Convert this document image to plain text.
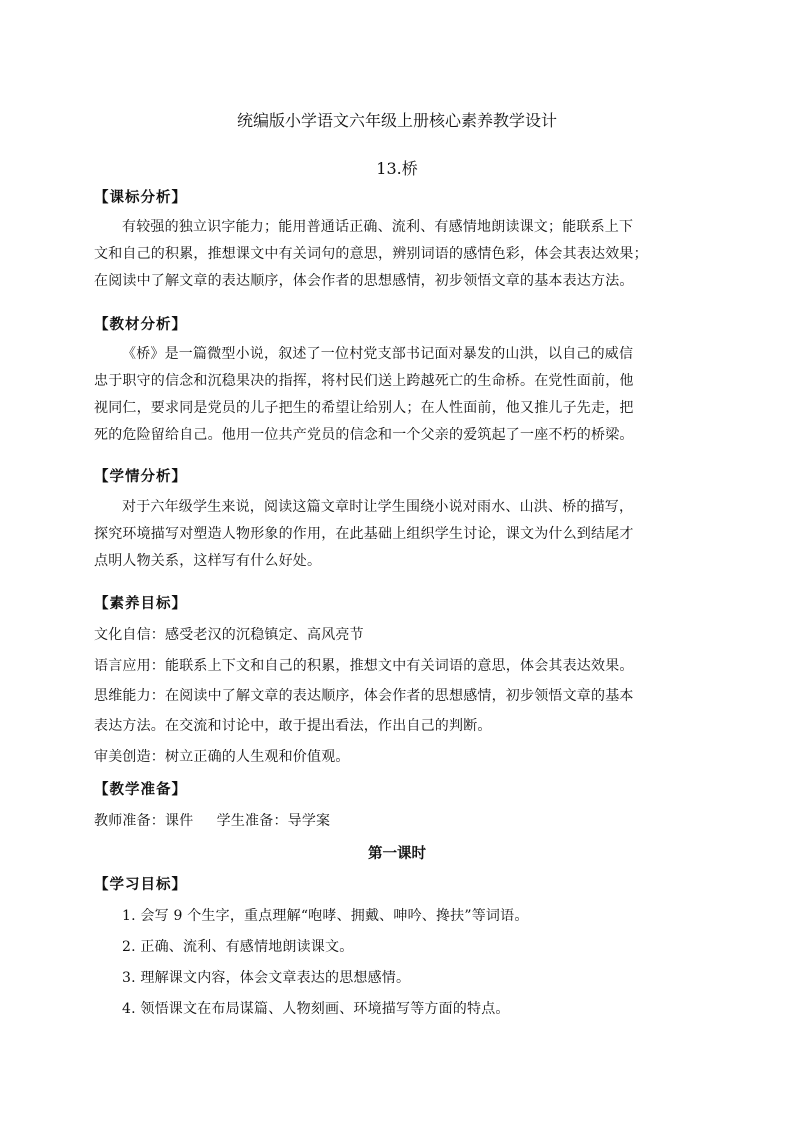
统编版小学语文六年级上册核心素养教学设计
13.桥
【课标分析】
有较强的独立识字能力；能用普通话正确、流利、有感情地朗读课文；能联系上下
文和自己的积累，推想课文中有关词句的意思，辨别词语的感情色彩，体会其表达效果；
在阅读中了解文章的表达顺序，体会作者的思想感情，初步领悟文章的基本表达方法。
【教材分析】
《桥》是一篇微型小说，叙述了一位村党支部书记面对暴发的山洪，以自己的威信
忠于职守的信念和沉稳果决的指挥，将村民们送上跨越死亡的生命桥。在党性面前，他
视同仁，要求同是党员的儿子把生的希望让给别人；在人性面前，他又推儿子先走，把
死的危险留给自己。他用一位共产党员的信念和一个父亲的爱筑起了一座不朽的桥梁。
【学情分析】
对于六年级学生来说，阅读这篇文章时让学生围绕小说对雨水、山洪、桥的描写，
探究环境描写对塑造人物形象的作用，在此基础上组织学生讨论，课文为什么到结尾才
点明人物关系，这样写有什么好处。
【素养目标】
文化自信：感受老汉的沉稳镇定、高风亮节
语言应用：能联系上下文和自己的积累，推想文中有关词语的意思，体会其表达效果。
思维能力：在阅读中了解文章的表达顺序，体会作者的思想感情，初步领悟文章的基本
表达方法。在交流和讨论中，敢于提出看法，作出自己的判断。
审美创造：树立正确的人生观和价值观。
【教学准备】
教师准备：课件     学生准备：导学案
第一课时
【学习目标】
1. 会写 9 个生字，重点理解“咆哮、拥戴、呻吟、搀扶”等词语。
2. 正确、流利、有感情地朗读课文。
3. 理解课文内容，体会文章表达的思想感情。
4. 领悟课文在布局谋篇、人物刻画、环境描写等方面的特点。
